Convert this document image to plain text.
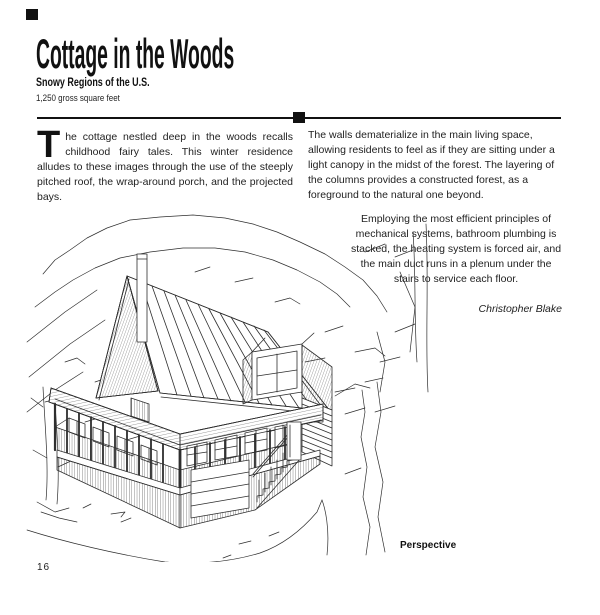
Cottage in the Woods
Snowy Regions of the U.S.
1,250 gross square feet
The cottage nestled deep in the woods recalls childhood fairy tales. This winter residence alludes to these images through the use of the steeply pitched roof, the wrap-around porch, and the projected bays.
The walls dematerialize in the main living space, allowing residents to feel as if they are sitting under a light canopy in the midst of the forest. The layering of the columns provides a constructed forest, as a foreground to the natural one beyond.
Employing the most efficient principles of mechanical systems, bathroom plumbing is stacked, the heating system is forced air, and the main duct runs in a plenum under the stairs to service each floor.
Christopher Blake
Perspective
16
